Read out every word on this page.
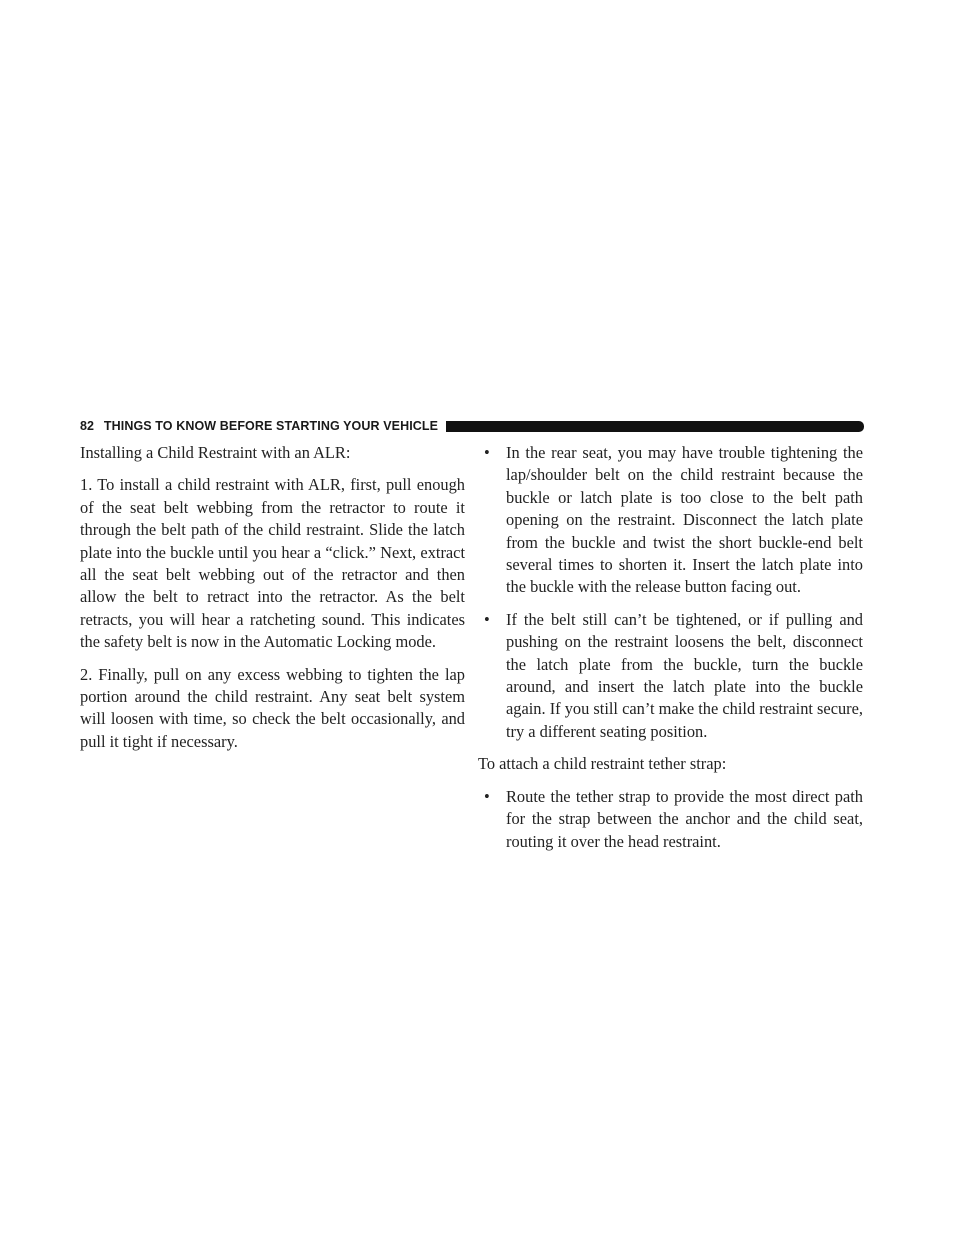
82 THINGS TO KNOW BEFORE STARTING YOUR VEHICLE

Installing a Child Restraint with an ALR:

1. To install a child restraint with ALR, first, pull enough of the seat belt webbing from the retractor to route it through the belt path of the child restraint. Slide the latch plate into the buckle until you hear a “click.” Next, extract all the seat belt webbing out of the retractor and then allow the belt to retract into the retractor. As the belt retracts, you will hear a ratcheting sound. This indicates the safety belt is now in the Automatic Locking mode.

2. Finally, pull on any excess webbing to tighten the lap portion around the child restraint. Any seat belt system will loosen with time, so check the belt occasionally, and pull it tight if necessary.

• In the rear seat, you may have trouble tightening the lap/shoulder belt on the child restraint because the buckle or latch plate is too close to the belt path opening on the restraint. Disconnect the latch plate from the buckle and twist the short buckle-end belt several times to shorten it. Insert the latch plate into the buckle with the release button facing out.
• If the belt still can’t be tightened, or if pulling and pushing on the restraint loosens the belt, disconnect the latch plate from the buckle, turn the buckle around, and insert the latch plate into the buckle again. If you still can’t make the child restraint secure, try a different seating position.

To attach a child restraint tether strap:

• Route the tether strap to provide the most direct path for the strap between the anchor and the child seat, routing it over the head restraint.
